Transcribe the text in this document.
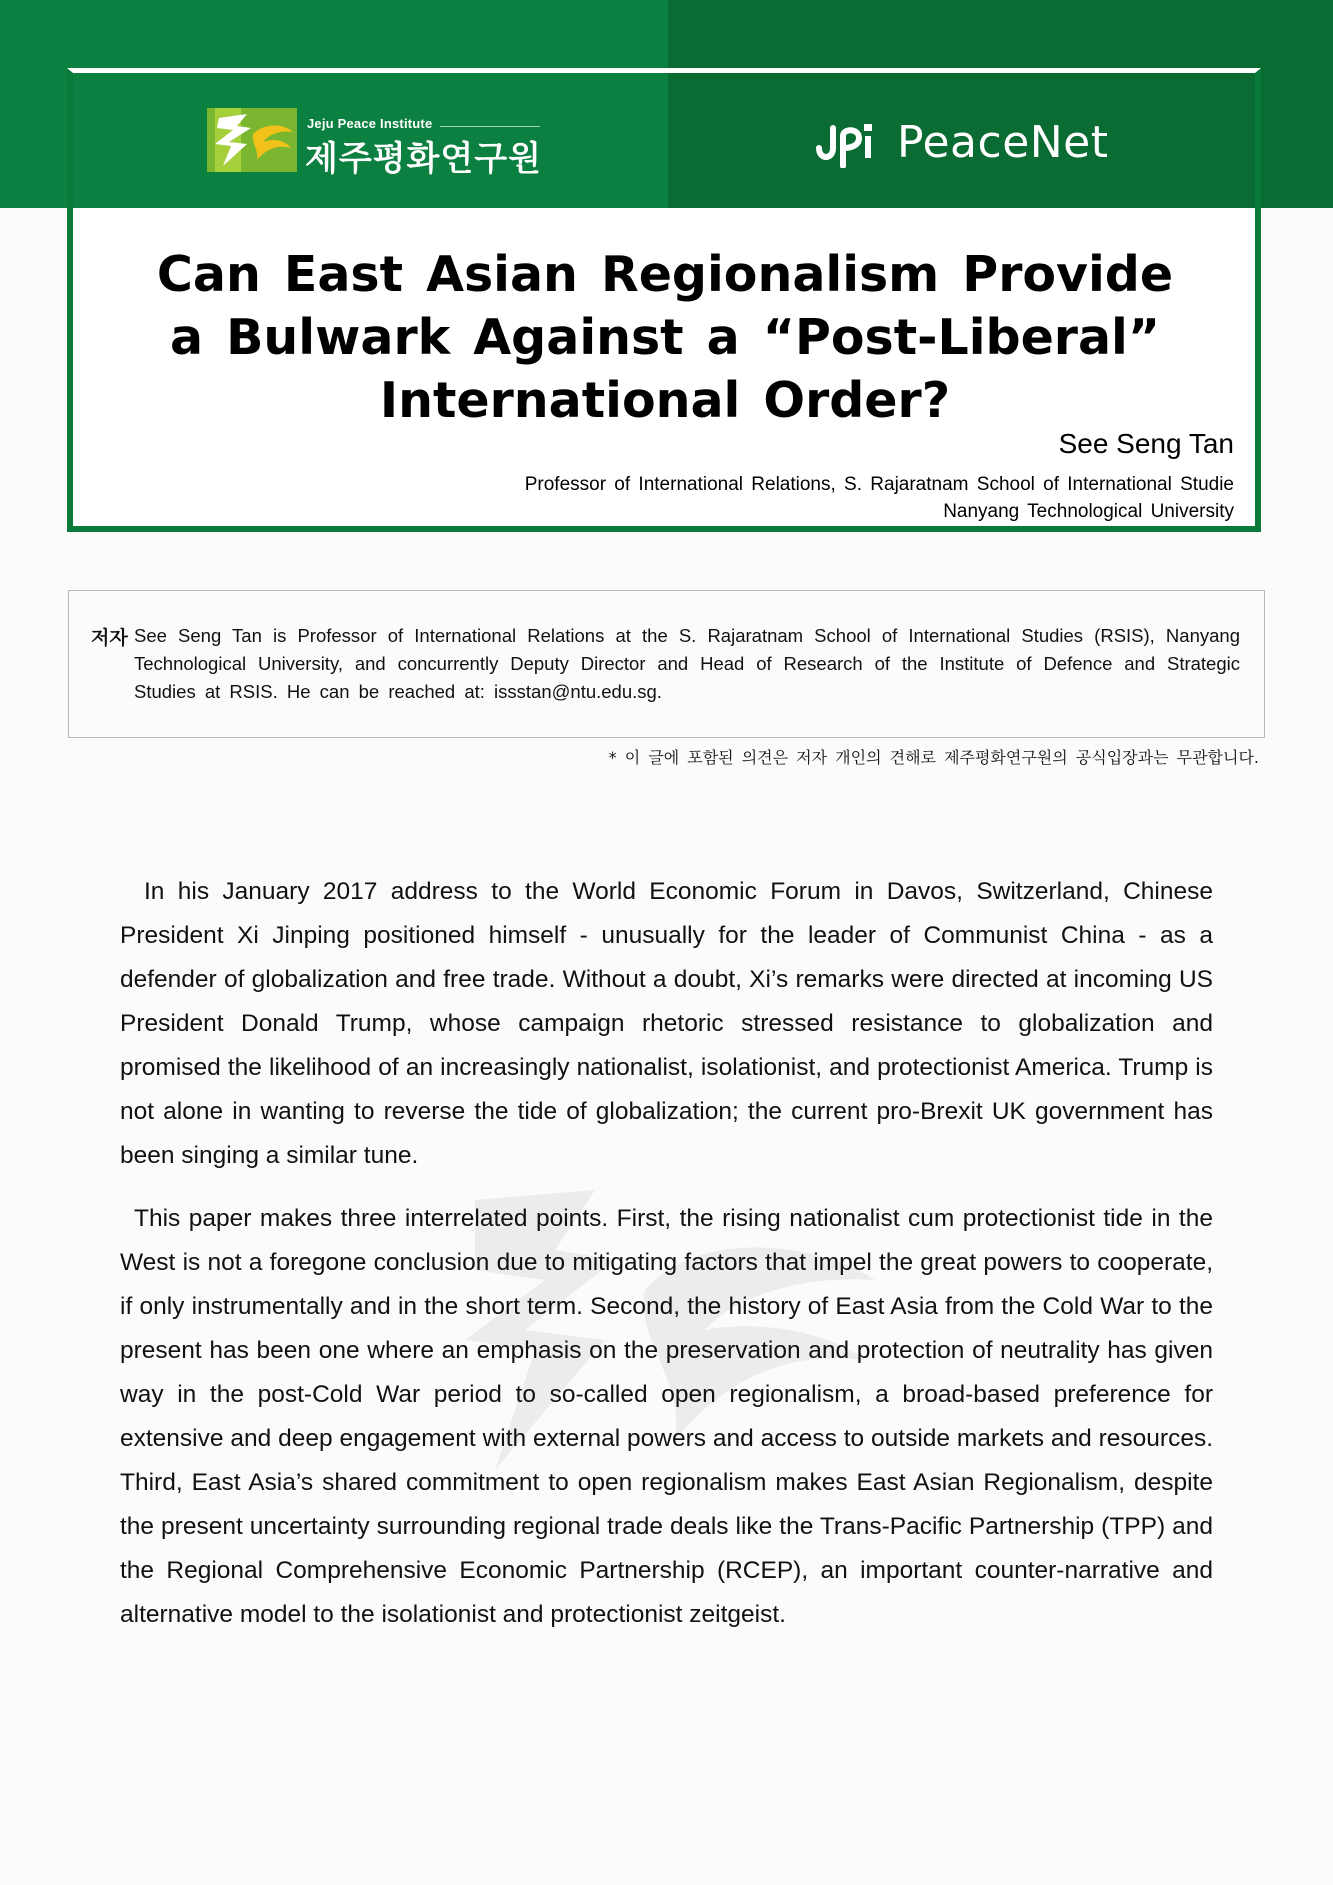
Jeju Peace Institute
제주평화연구원	PeaceNet
Can East Asian Regionalism Provide
a Bulwark Against a “Post-Liberal”
International Order?
See Seng Tan
Professor of International Relations, S. Rajaratnam School of International Studie
Nanyang Technological University
저자 See Seng Tan is Professor of International Relations at the S. Rajaratnam School of International Studies (RSIS), Nanyang Technological University, and concurrently Deputy Director and Head of Research of the Institute of Defence and Strategic Studies at RSIS. He can be reached at: issstan@ntu.edu.sg.
* 이 글에 포함된 의견은 저자 개인의 견해로 제주평화연구원의 공식입장과는 무관합니다.
In his January 2017 address to the World Economic Forum in Davos, Switzerland, Chinese President Xi Jinping positioned himself - unusually for the leader of Communist China - as a defender of globalization and free trade. Without a doubt, Xi’s remarks were directed at incoming US President Donald Trump, whose campaign rhetoric stressed resistance to globalization and promised the likelihood of an increasingly nationalist, isolationist, and protectionist America. Trump is not alone in wanting to reverse the tide of globalization; the current pro-Brexit UK government has been singing a similar tune.
This paper makes three interrelated points. First, the rising nationalist cum protectionist tide in the West is not a foregone conclusion due to mitigating factors that impel the great powers to cooperate, if only instrumentally and in the short term. Second, the history of East Asia from the Cold War to the present has been one where an emphasis on the preservation and protection of neutrality has given way in the post-Cold War period to so-called open regionalism, a broad-based preference for extensive and deep engagement with external powers and access to outside markets and resources. Third, East Asia’s shared commitment to open regionalism makes East Asian Regionalism, despite the present uncertainty surrounding regional trade deals like the Trans-Pacific Partnership (TPP) and the Regional Comprehensive Economic Partnership (RCEP), an important counter-narrative and alternative model to the isolationist and protectionist zeitgeist.
